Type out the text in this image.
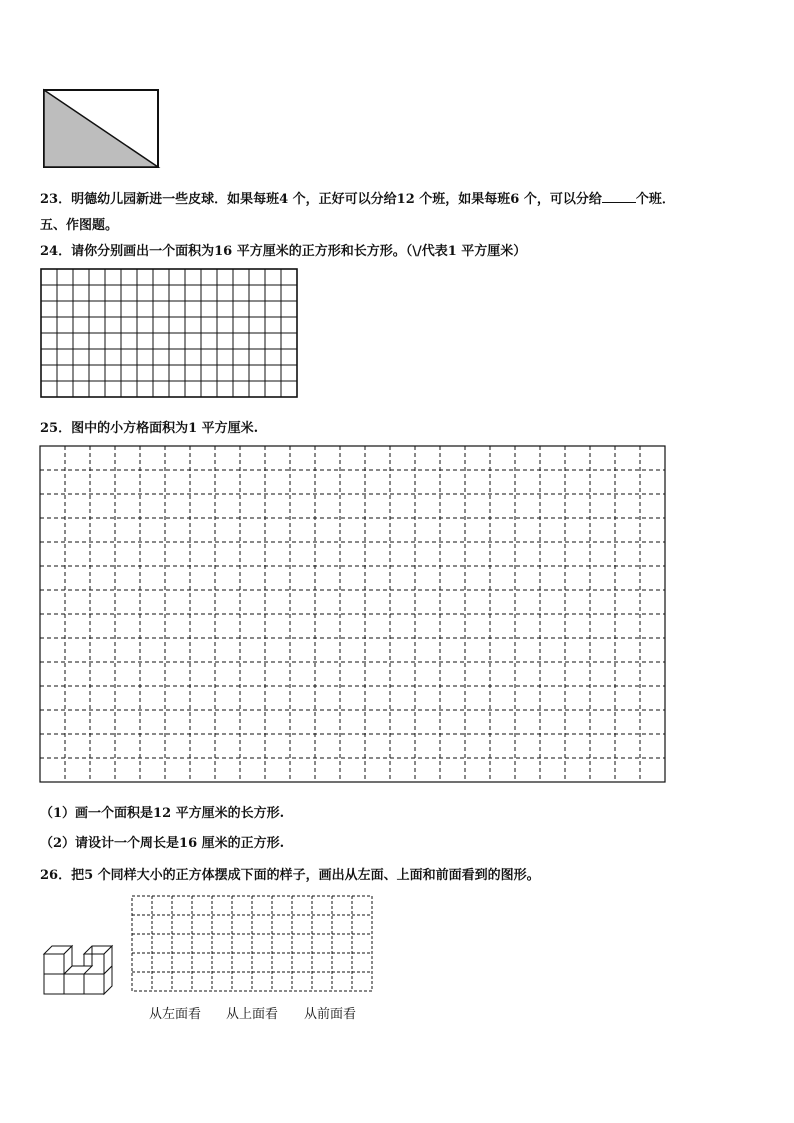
23．明德幼儿园新进一些皮球．如果每班4 个，正好可以分给12 个班，如果每班6 个，可以分给	个班．
五、作图题。
24．请你分别画出一个面积为16 平方厘米的正方形和长方形。（\/代表1 平方厘米）
25．图中的小方格面积为1 平方厘米.
（1）画一个面积是12 平方厘米的长方形.
（2）请设计一个周长是16 厘米的正方形.
26．把5 个同样大小的正方体摆成下面的样子，画出从左面、上面和前面看到的图形。
从左面看 从上面看 从前面看
